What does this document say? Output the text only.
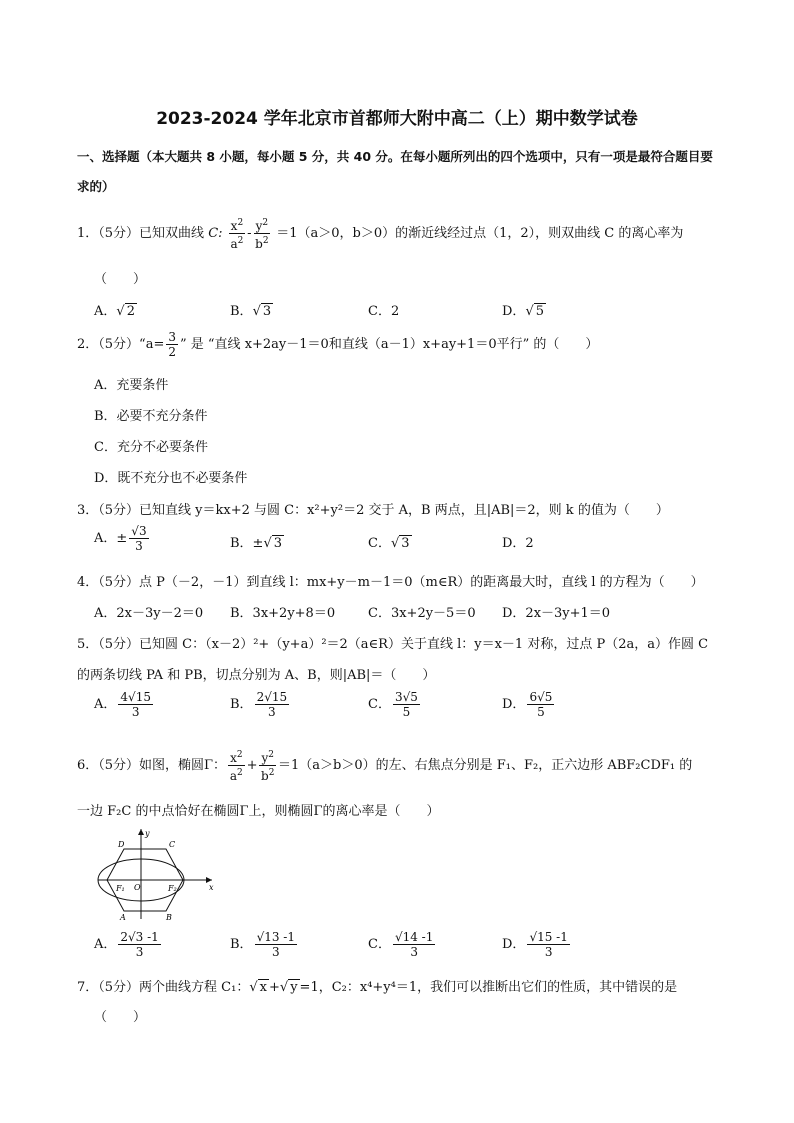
2023-2024 学年北京市首都师大附中高二（上）期中数学试卷
一、选择题（本大题共 8 小题，每小题 5 分，共 40 分。在每小题所列出的四个选项中，只有一项是最符合题目要求的）
1．（5分）已知双曲线 C: $\frac{x^2}{a^2} - \frac{y^2}{b^2} =1(a>0$，b＞0）的渐近线经过点（1，2），则双曲线 C 的离心率为
（　　）
A．√ 2	B．√ 3	C．2	D．√ 5
2．（5分）“a= $\frac{3}{2}$ ” 是 “直线 x+2ay－1＝0和直线（a－1）x+ay+1＝0平行” 的（　　）
A．充要条件
B．必要不充分条件
C．充分不必要条件
D．既不充分也不必要条件
3．（5分）已知直线 y＝kx+2 与圆 C：x²+y²＝2 交于 A，B 两点，且|AB|＝2，则 k 的值为（　　）
A．± $\frac{√3}{3}$	B．±√ 3	C．√ 3	D．2
4．（5分）点 P（－2，－1）到直线 l：mx+y－m－1＝0（m∈R）的距离最大时，直线 l 的方程为（　　）
A．2x－3y－2＝0 B．3x+2y+8＝0	C．3x+2y－5＝0 D．2x－3y+1＝0
5．（5分）已知圆 C：（x－2）²+（y+a）²＝2（a∈R）关于直线 l：y＝x－1 对称，过点 P（2a，a）作圆 C
的两条切线 PA 和 PB，切点分别为 A、B，则|AB|＝（　　）
A． $\frac{4√15}{3}$	B． $\frac{2√15}{3}$	C． $\frac{3√5}{5}$	D． $\frac{6√5}{5}$
6．（5分）如图，椭圆Γ： $\frac{x^2}{a^2} + \frac{y^2}{b^2} =1(a>b>0)$的左、右焦点分别是 F₁、F₂，正六边形 ABF₂CDF₁ 的
一边 F₂C 的中点恰好在椭圆Γ上，则椭圆Γ的离心率是（　　）
y
D	C
F₁ O	F₂	x
A	B
A． $\frac{2√3 -1}{3}$	B． $\frac{√13 -1}{3}$	C． $\frac{√14 -1}{3}$	D． $\frac{√15 -1}{3}$
7．（5分）两个曲线方程 C₁：√ x +√ y =1，C₂：x⁴+y⁴＝1，我们可以推断出它们的性质，其中错误的是
（　　）
